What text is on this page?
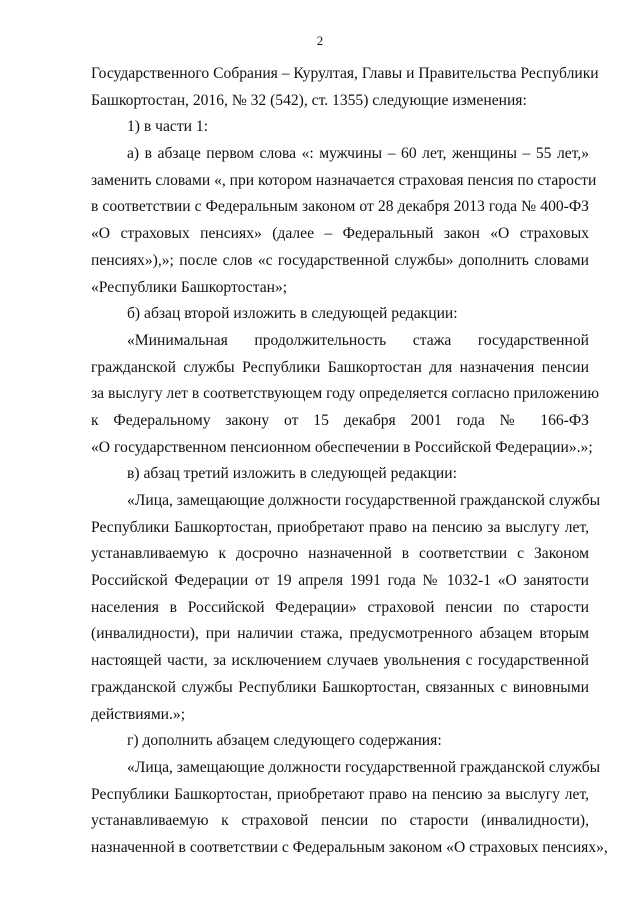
2
Государственного Собрания – Курултая, Главы и Правительства Республики
Башкортостан, 2016, № 32 (542), ст. 1355) следующие изменения:
1) в части 1:
а) в абзаце первом слова «: мужчины – 60 лет, женщины – 55 лет,»
заменить словами «, при котором назначается страховая пенсия по старости
в соответствии с Федеральным законом от 28 декабря 2013 года № 400-ФЗ
«О страховых пенсиях» (далее – Федеральный закон «О страховых
пенсиях»),»; после слов «с государственной службы» дополнить словами
«Республики Башкортостан»;
б) абзац второй изложить в следующей редакции:
«Минимальная продолжительность стажа государственной
гражданской службы Республики Башкортостан для назначения пенсии
за выслугу лет в соответствующем году определяется согласно приложению
к Федеральному закону от 15 декабря 2001 года № 166-ФЗ
«О государственном пенсионном обеспечении в Российской Федерации».»;
в) абзац третий изложить в следующей редакции:
«Лица, замещающие должности государственной гражданской службы
Республики Башкортостан, приобретают право на пенсию за выслугу лет,
устанавливаемую к досрочно назначенной в соответствии с Законом
Российской Федерации от 19 апреля 1991 года № 1032-1 «О занятости
населения в Российской Федерации» страховой пенсии по старости
(инвалидности), при наличии стажа, предусмотренного абзацем вторым
настоящей части, за исключением случаев увольнения с государственной
гражданской службы Республики Башкортостан, связанных с виновными
действиями.»;
г) дополнить абзацем следующего содержания:
«Лица, замещающие должности государственной гражданской службы
Республики Башкортостан, приобретают право на пенсию за выслугу лет,
устанавливаемую к страховой пенсии по старости (инвалидности),
назначенной в соответствии с Федеральным законом «О страховых пенсиях»,
